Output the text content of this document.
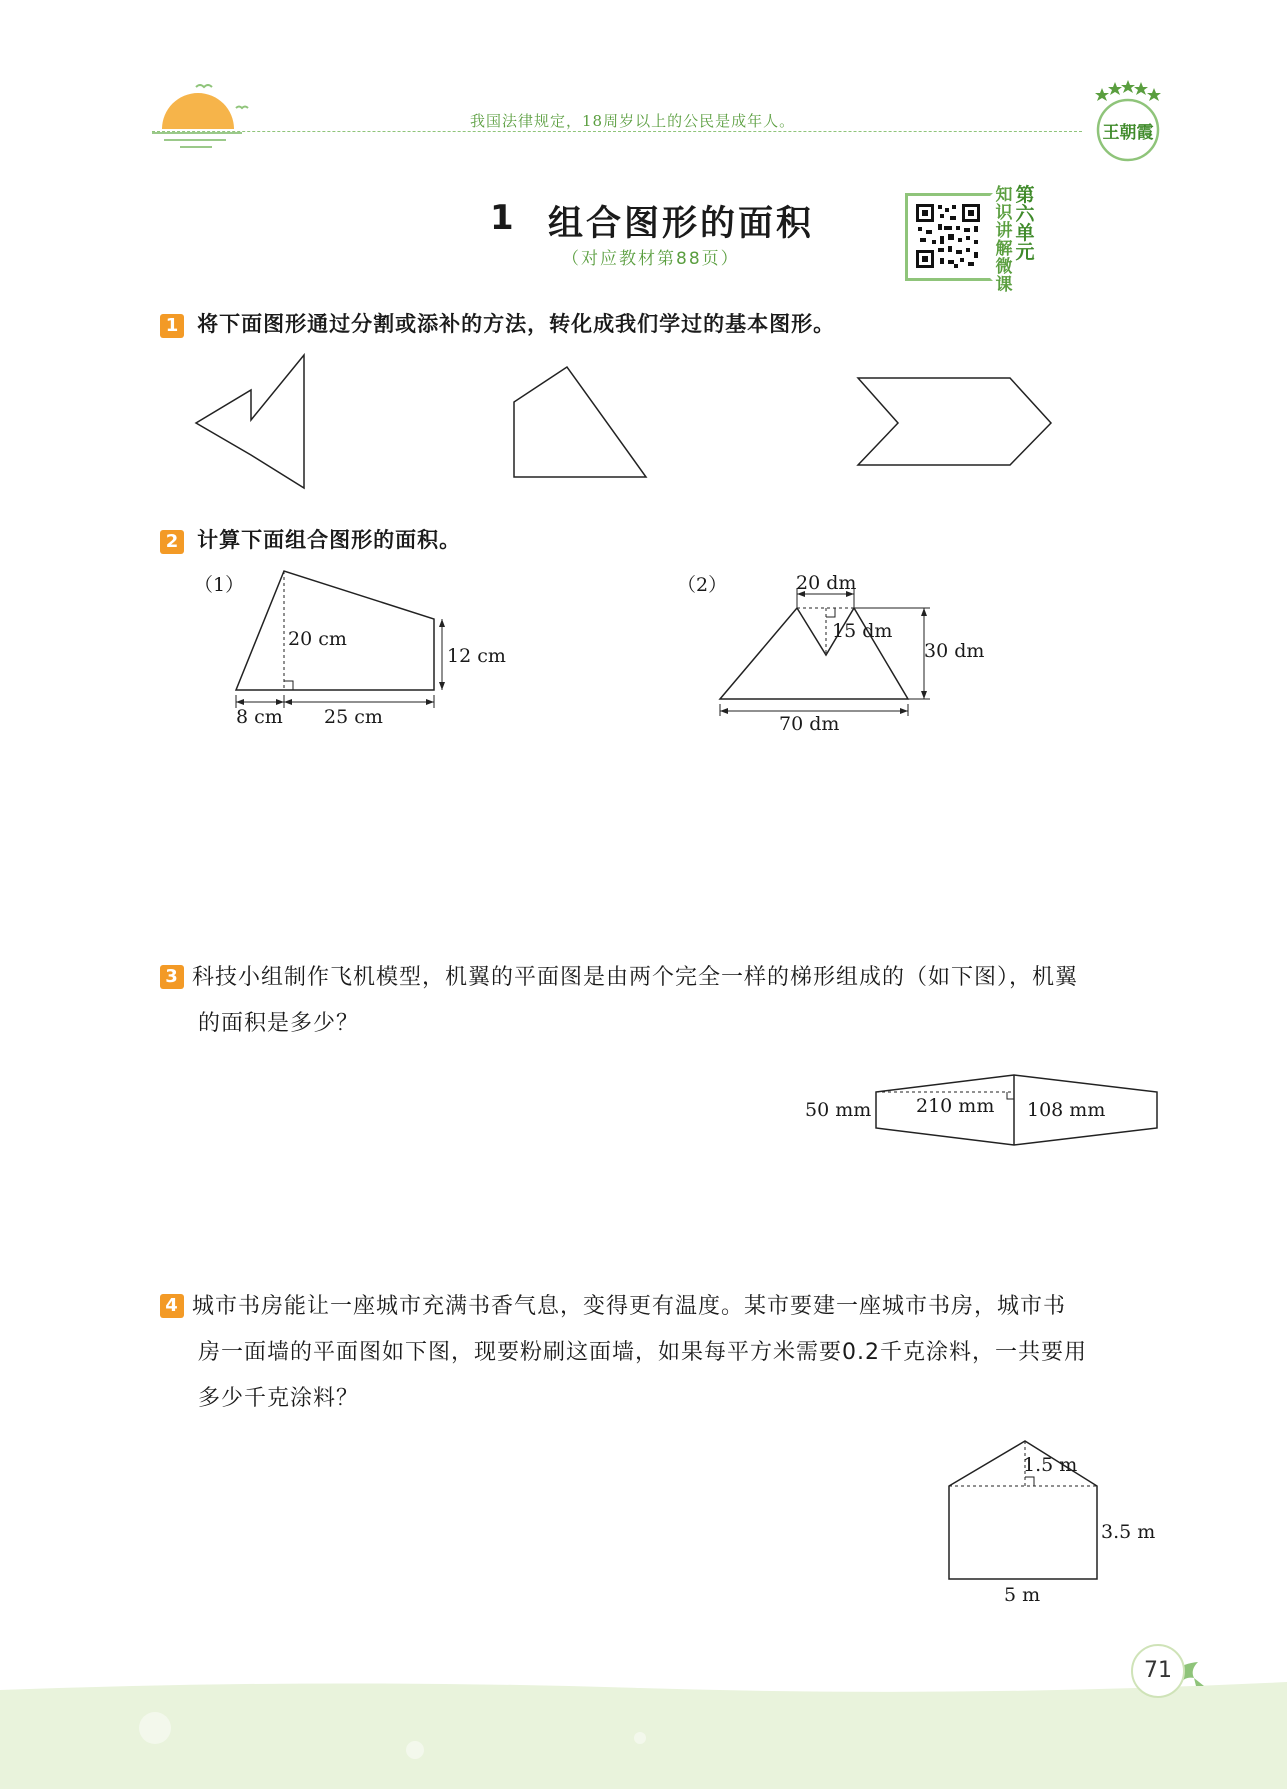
我国法律规定，18周岁以上的公民是成年人。
王朝霞
1 组合图形的面积
（对应教材第88页）
知识讲解微课
第六单元
1 将下面图形通过分割或添补的方法，转化成我们学过的基本图形。
2 计算下面组合图形的面积。
（1）
20 cm
12 cm
8 cm 25 cm
（2）	20 dm
15 dm
30 dm
70 dm
3 科技小组制作飞机模型，机翼的平面图是由两个完全一样的梯形组成的（如下图），机翼
的面积是多少？
50 mm 210 mm 108 mm
4 城市书房能让一座城市充满书香气息，变得更有温度。某市要建一座城市书房，城市书
房一面墙的平面图如下图，现要粉刷这面墙，如果每平方米需要0.2千克涂料，一共要用
多少千克涂料？
1.5 m
3.5 m
5 m
71
